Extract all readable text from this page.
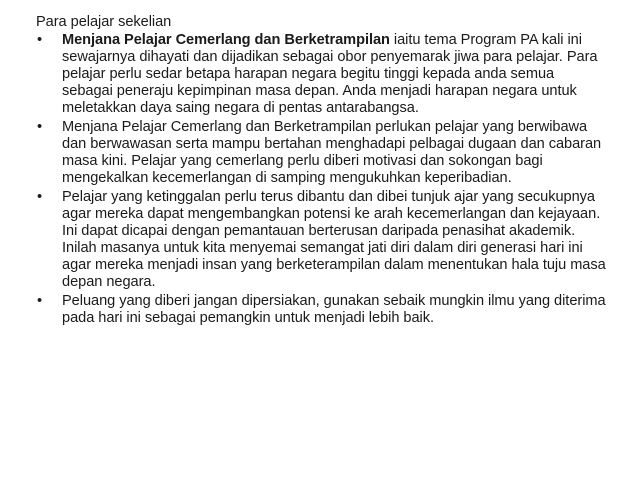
Para pelajar sekelian
• Menjana Pelajar Cemerlang dan Berketrampilan iaitu tema Program PA kali ini sewajarnya dihayati dan dijadikan sebagai obor penyemarak jiwa para pelajar. Para pelajar perlu sedar betapa harapan negara begitu tinggi kepada anda semua sebagai peneraju kepimpinan masa depan. Anda menjadi harapan negara untuk meletakkan daya saing negara di pentas antarabangsa.
• Menjana Pelajar Cemerlang dan Berketrampilan perlukan pelajar yang berwibawa dan berwawasan serta mampu bertahan menghadapi pelbagai dugaan dan cabaran masa kini. Pelajar yang cemerlang perlu diberi motivasi dan sokongan bagi mengekalkan kecemerlangan di samping mengukuhkan keperibadian.
• Pelajar yang ketinggalan perlu terus dibantu dan dibei tunjuk ajar yang secukupnya agar mereka dapat mengembangkan potensi ke arah kecemerlangan dan kejayaan. Ini dapat dicapai dengan pemantauan berterusan daripada penasihat akademik. Inilah masanya untuk kita menyemai semangat jati diri dalam diri generasi hari ini agar mereka menjadi insan yang berketerampilan dalam menentukan hala tuju masa depan negara.
• Peluang yang diberi jangan dipersiakan, gunakan sebaik mungkin ilmu yang diterima pada hari ini sebagai pemangkin untuk menjadi lebih baik.
